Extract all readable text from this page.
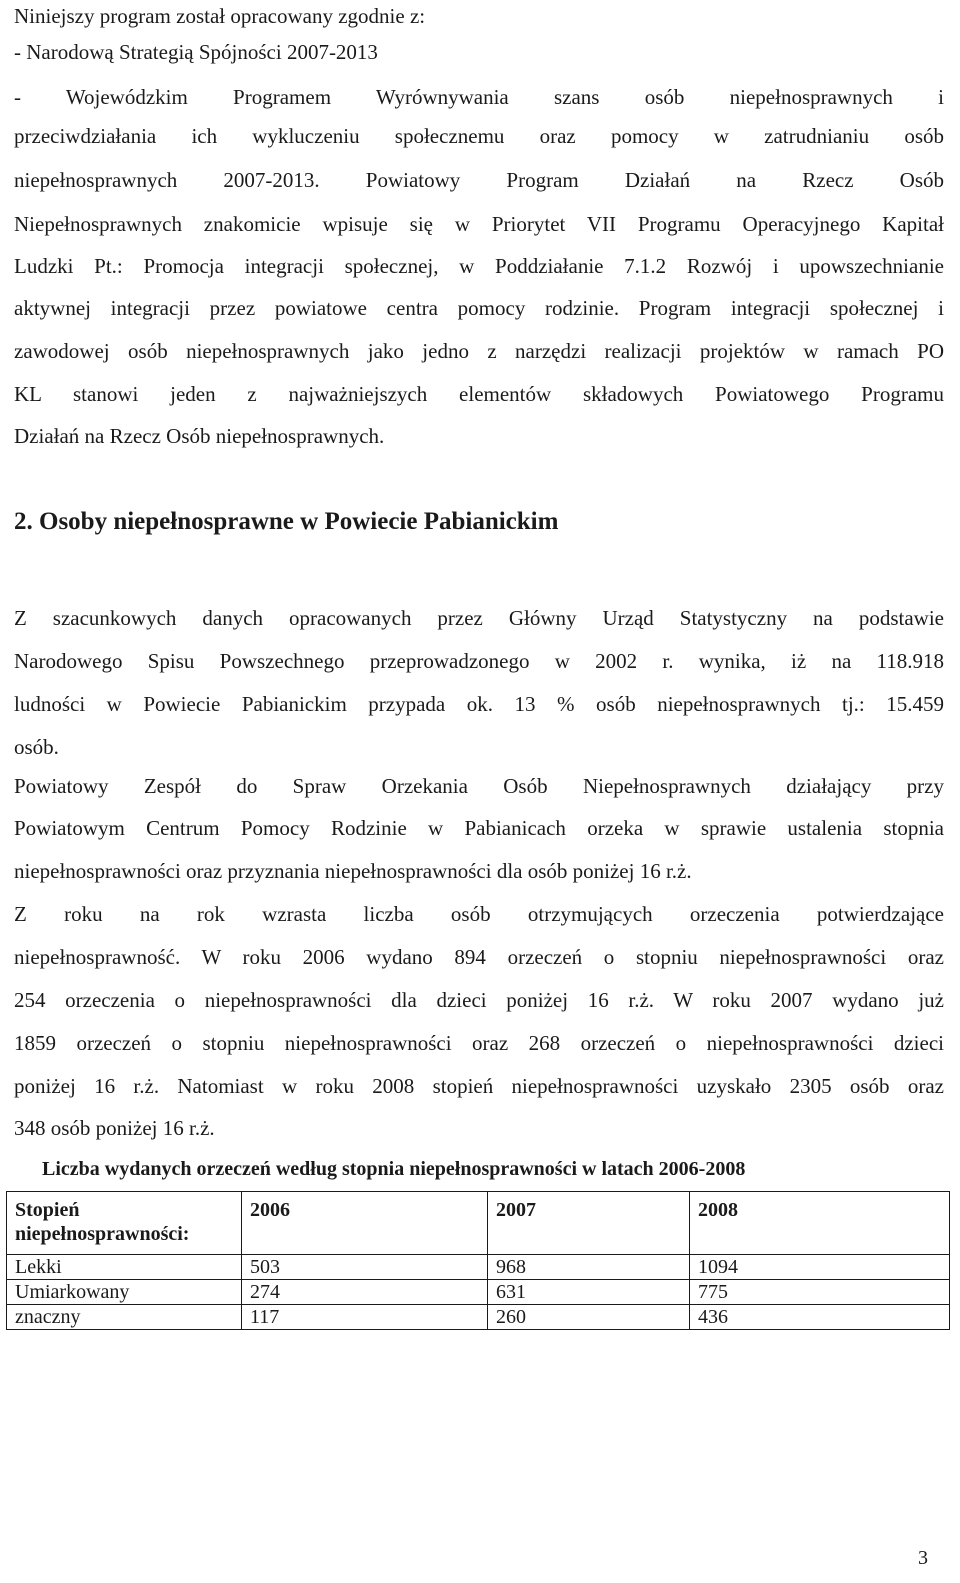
Niniejszy program został opracowany zgodnie z:
- Narodową Strategią Spójności 2007-2013
- Wojewódzkim Programem Wyrównywania szans osób niepełnosprawnych i
przeciwdziałania ich wykluczeniu społecznemu oraz pomocy w zatrudnianiu osób
niepełnosprawnych 2007-2013. Powiatowy Program Działań na Rzecz Osób
Niepełnosprawnych znakomicie wpisuje się w Priorytet VII Programu Operacyjnego Kapitał
Ludzki Pt.: Promocja integracji społecznej, w Poddziałanie 7.1.2 Rozwój i upowszechnianie
aktywnej integracji przez powiatowe centra pomocy rodzinie. Program integracji społecznej i
zawodowej osób niepełnosprawnych jako jedno z narzędzi realizacji projektów w ramach PO
KL stanowi jeden z najważniejszych elementów składowych Powiatowego Programu
Działań na Rzecz Osób niepełnosprawnych.
2. Osoby niepełnosprawne w Powiecie Pabianickim
Z szacunkowych danych opracowanych przez Główny Urząd Statystyczny na podstawie
Narodowego Spisu Powszechnego przeprowadzonego w 2002 r. wynika, iż na 118.918
ludności w Powiecie Pabianickim przypada ok. 13 % osób niepełnosprawnych tj.: 15.459
osób.
Powiatowy Zespół do Spraw Orzekania Osób Niepełnosprawnych działający przy
Powiatowym Centrum Pomocy Rodzinie w Pabianicach orzeka w sprawie ustalenia stopnia
niepełnosprawności oraz przyznania niepełnosprawności dla osób poniżej 16 r.ż.
Z roku na rok wzrasta liczba osób otrzymujących orzeczenia potwierdzające
niepełnosprawność. W roku 2006 wydano 894 orzeczeń o stopniu niepełnosprawności oraz
254 orzeczenia o niepełnosprawności dla dzieci poniżej 16 r.ż. W roku 2007 wydano już
1859 orzeczeń o stopniu niepełnosprawności oraz 268 orzeczeń o niepełnosprawności dzieci
poniżej 16 r.ż. Natomiast w roku 2008 stopień niepełnosprawności uzyskało 2305 osób oraz
348 osób poniżej 16 r.ż.
Liczba wydanych orzeczeń według stopnia niepełnosprawności w latach 2006-2008
Stopień
niepełnosprawności:	2006	2007	2008
Lekki	503	968	1094
Umiarkowany	274	631	775
znaczny	117	260	436
3
